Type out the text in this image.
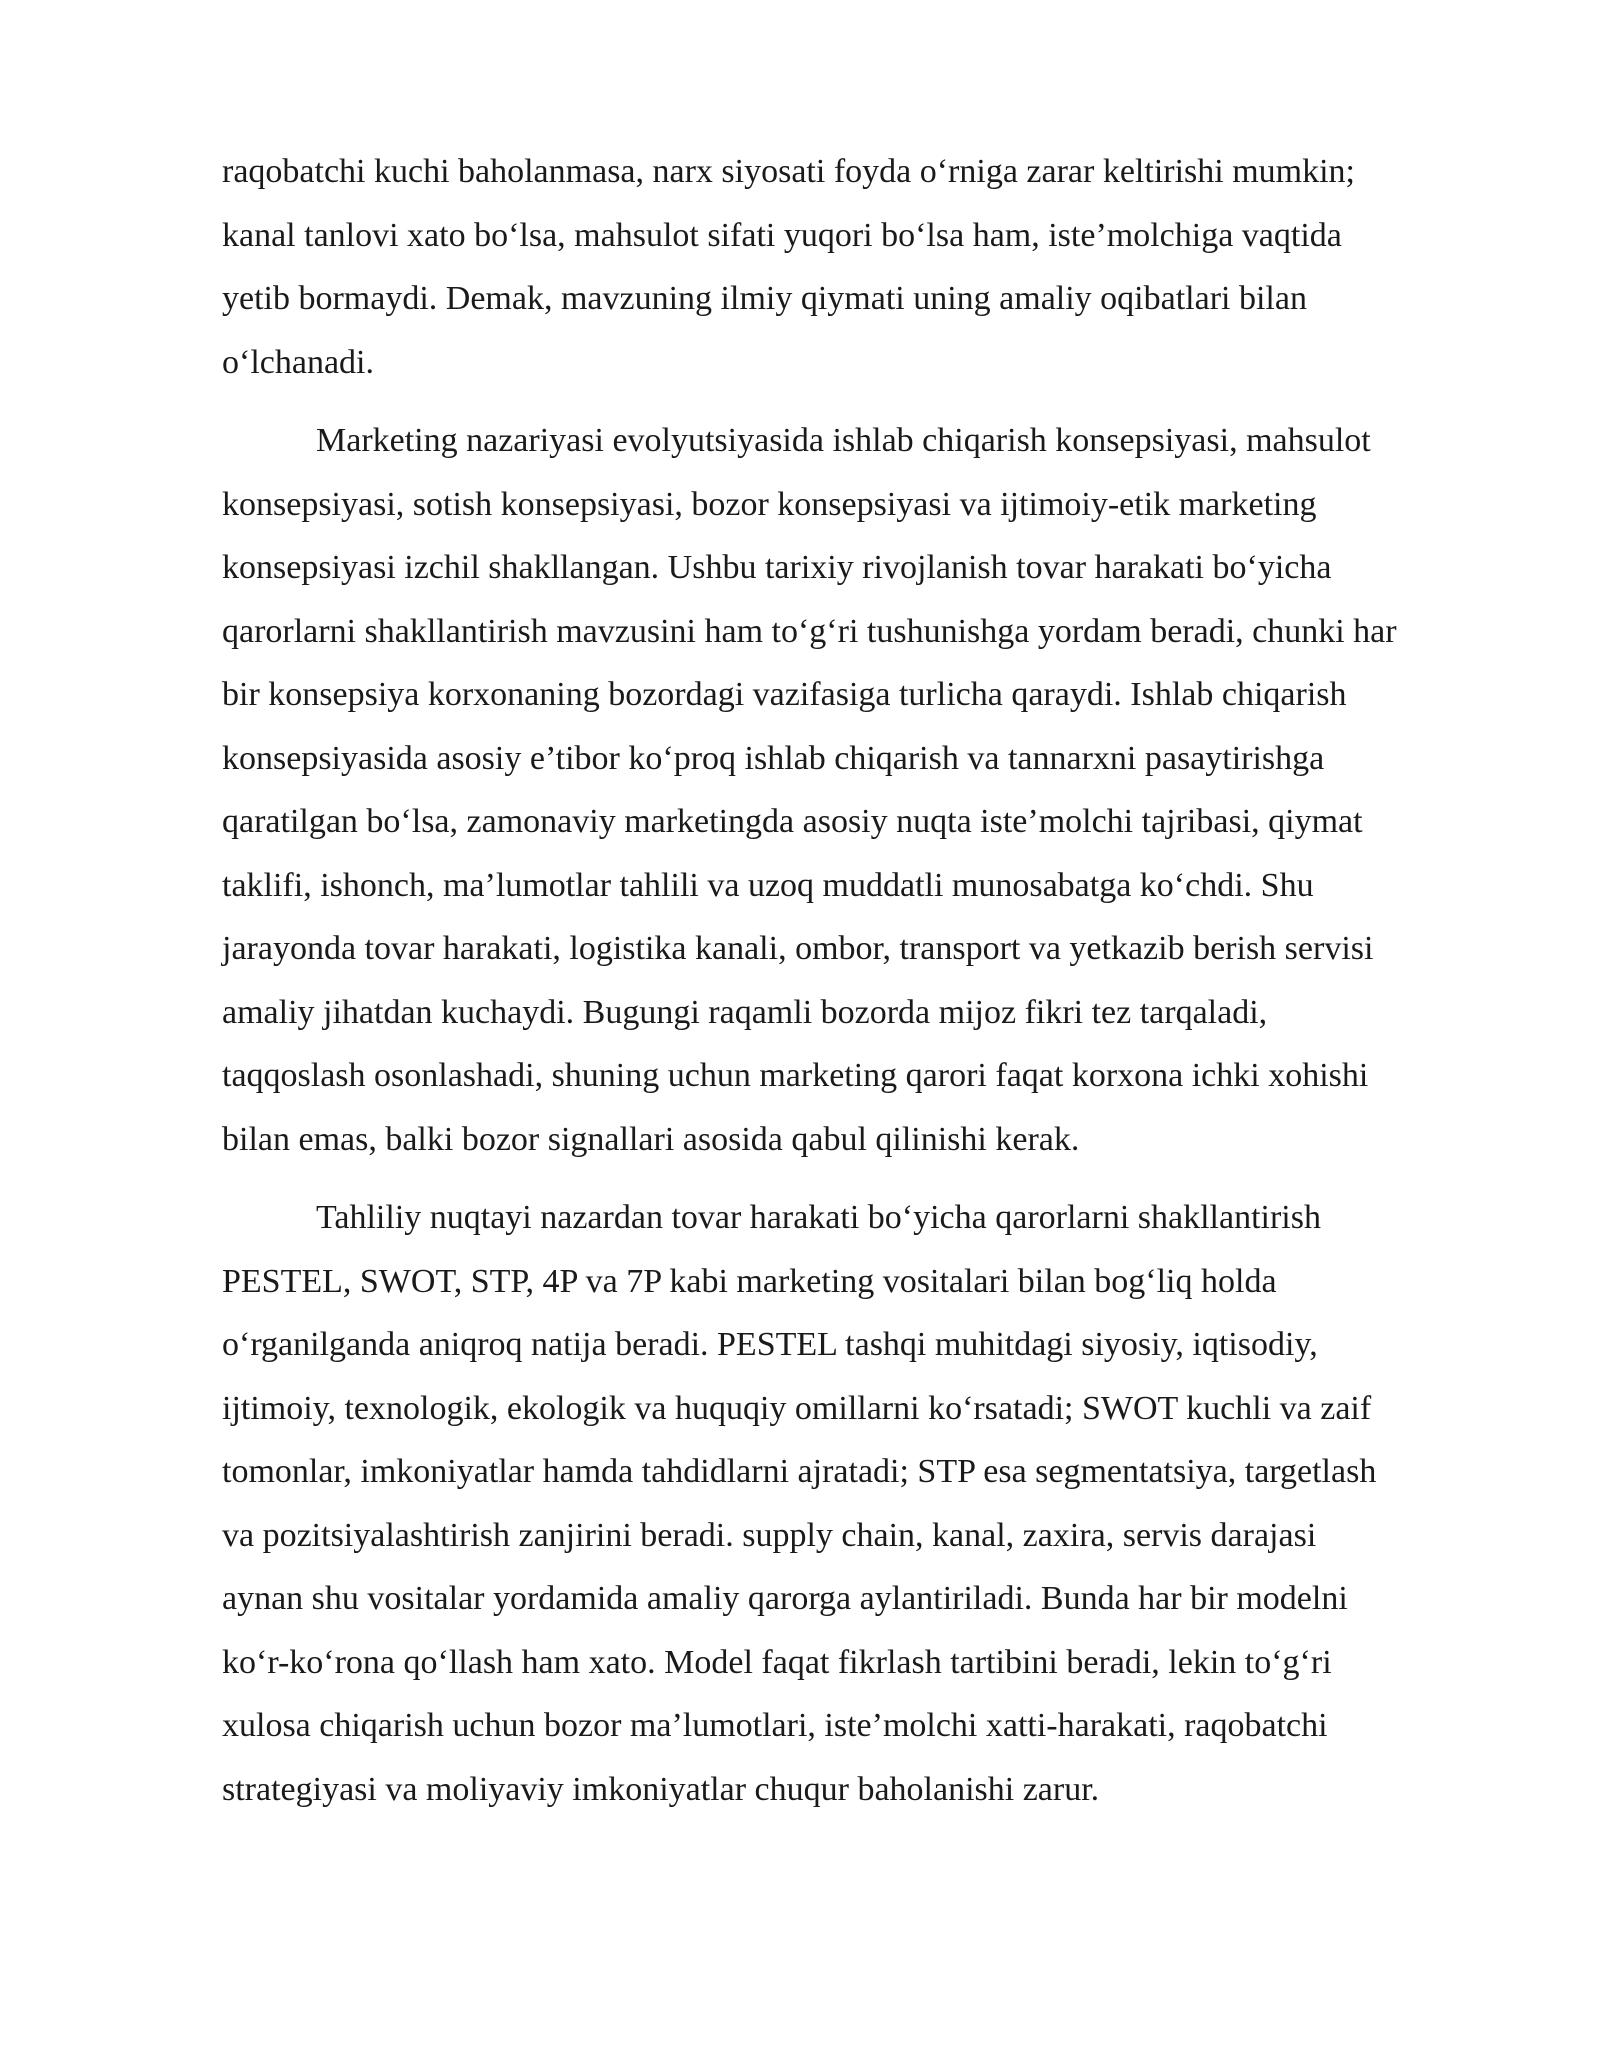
raqobatchi kuchi baholanmasa, narx siyosati foyda o‘rniga zarar keltirishi mumkin;
kanal tanlovi xato bo‘lsa, mahsulot sifati yuqori bo‘lsa ham, iste’molchiga vaqtida
yetib bormaydi. Demak, mavzuning ilmiy qiymati uning amaliy oqibatlari bilan
o‘lchanadi.

Marketing nazariyasi evolyutsiyasida ishlab chiqarish konsepsiyasi, mahsulot
konsepsiyasi, sotish konsepsiyasi, bozor konsepsiyasi va ijtimoiy-etik marketing
konsepsiyasi izchil shakllangan. Ushbu tarixiy rivojlanish tovar harakati bo‘yicha
qarorlarni shakllantirish mavzusini ham to‘g‘ri tushunishga yordam beradi, chunki har
bir konsepsiya korxonaning bozordagi vazifasiga turlicha qaraydi. Ishlab chiqarish
konsepsiyasida asosiy e’tibor ko‘proq ishlab chiqarish va tannarxni pasaytirishga
qaratilgan bo‘lsa, zamonaviy marketingda asosiy nuqta iste’molchi tajribasi, qiymat
taklifi, ishonch, ma’lumotlar tahlili va uzoq muddatli munosabatga ko‘chdi. Shu
jarayonda tovar harakati, logistika kanali, ombor, transport va yetkazib berish servisi
amaliy jihatdan kuchaydi. Bugungi raqamli bozorda mijoz fikri tez tarqaladi,
taqqoslash osonlashadi, shuning uchun marketing qarori faqat korxona ichki xohishi
bilan emas, balki bozor signallari asosida qabul qilinishi kerak.

Tahliliy nuqtayi nazardan tovar harakati bo‘yicha qarorlarni shakllantirish
PESTEL, SWOT, STP, 4P va 7P kabi marketing vositalari bilan bog‘liq holda
o‘rganilganda aniqroq natija beradi. PESTEL tashqi muhitdagi siyosiy, iqtisodiy,
ijtimoiy, texnologik, ekologik va huquqiy omillarni ko‘rsatadi; SWOT kuchli va zaif
tomonlar, imkoniyatlar hamda tahdidlarni ajratadi; STP esa segmentatsiya, targetlash
va pozitsiyalashtirish zanjirini beradi. supply chain, kanal, zaxira, servis darajasi
aynan shu vositalar yordamida amaliy qarorga aylantiriladi. Bunda har bir modelni
ko‘r-ko‘rona qo‘llash ham xato. Model faqat fikrlash tartibini beradi, lekin to‘g‘ri
xulosa chiqarish uchun bozor ma’lumotlari, iste’molchi xatti-harakati, raqobatchi
strategiyasi va moliyaviy imkoniyatlar chuqur baholanishi zarur.
